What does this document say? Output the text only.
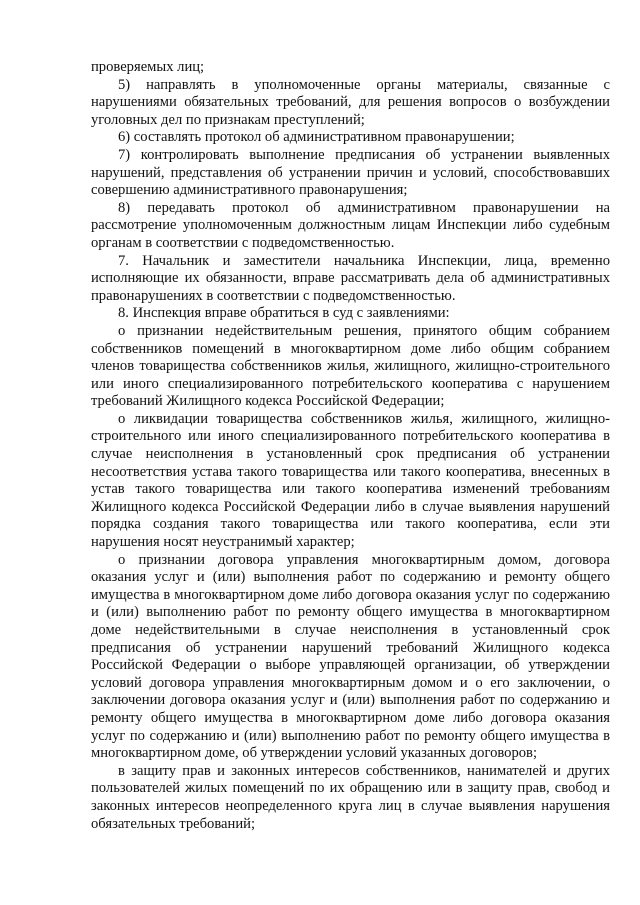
проверяемых лиц;

5) направлять в уполномоченные органы материалы, связанные с нарушениями обязательных требований, для решения вопросов о возбуждении уголовных дел по признакам преступлений;

6) составлять протокол об административном правонарушении;

7) контролировать выполнение предписания об устранении выявленных нарушений, представления об устранении причин и условий, способствовавших совершению административного правонарушения;

8) передавать протокол об административном правонарушении на рассмотрение уполномоченным должностным лицам Инспекции либо судебным органам в соответствии с подведомственностью.

7. Начальник и заместители начальника Инспекции, лица, временно исполняющие их обязанности, вправе рассматривать дела об административных правонарушениях в соответствии с подведомственностью.

8. Инспекция вправе обратиться в суд с заявлениями:

о признании недействительным решения, принятого общим собранием собственников помещений в многоквартирном доме либо общим собранием членов товарищества собственников жилья, жилищного, жилищно-строительного или иного специализированного потребительского кооператива с нарушением требований Жилищного кодекса Российской Федерации;

о ликвидации товарищества собственников жилья, жилищного, жилищно-строительного или иного специализированного потребительского кооператива в случае неисполнения в установленный срок предписания об устранении несоответствия устава такого товарищества или такого кооператива, внесенных в устав такого товарищества или такого кооператива изменений требованиям Жилищного кодекса Российской Федерации либо в случае выявления нарушений порядка создания такого товарищества или такого кооператива, если эти нарушения носят неустранимый характер;

о признании договора управления многоквартирным домом, договора оказания услуг и (или) выполнения работ по содержанию и ремонту общего имущества в многоквартирном доме либо договора оказания услуг по содержанию и (или) выполнению работ по ремонту общего имущества в многоквартирном доме недействительными в случае неисполнения в установленный срок предписания об устранении нарушений требований Жилищного кодекса Российской Федерации о выборе управляющей организации, об утверждении условий договора управления многоквартирным домом и о его заключении, о заключении договора оказания услуг и (или) выполнения работ по содержанию и ремонту общего имущества в многоквартирном доме либо договора оказания услуг по содержанию и (или) выполнению работ по ремонту общего имущества в многоквартирном доме, об утверждении условий указанных договоров;

в защиту прав и законных интересов собственников, нанимателей и других пользователей жилых помещений по их обращению или в защиту прав, свобод и законных интересов неопределенного круга лиц в случае выявления нарушения обязательных требований;
